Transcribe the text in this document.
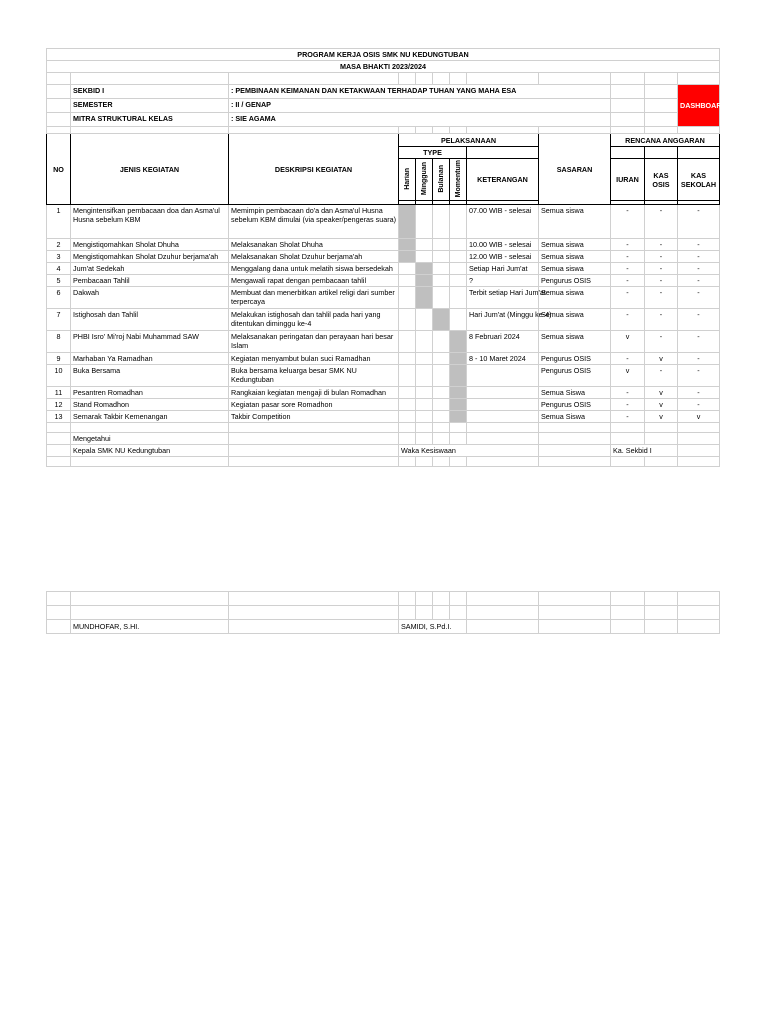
PROGRAM KERJA OSIS SMK NU KEDUNGTUBAN											
MASA BHAKTI 2023/2024											

	SEKBID I	: PEMBINAAN KEIMANAN DAN KETAKWAAN TERHADAP TUHAN YANG MAHA ESA									DASHBOARD
	SEMESTER	: II / GENAP									
	MITRA STRUKTURAL KELAS	: SIE AGAMA									

NO	JENIS KEGIATAN	DESKRIPSI KEGIATAN	PELAKSANAAN					SASARAN	RENCANA ANGGARAN		
			TYPE								
			Harian	Mingguan	Bulanan	Momentum	KETERANGAN		IURAN	KAS OSIS	KAS SEKOLAH

1	Mengintensifkan pembacaan doa dan Asma'ul Husna sebelum KBM	Memimpin pembacaan do'a dan Asma'ul Husna sebelum KBM dimulai (via speaker/pengeras suara)					07.00 WIB - selesai	Semua siswa	-	-	-
2	Mengistiqomahkan Sholat Dhuha	Melaksanakan Sholat Dhuha					10.00 WIB - selesai	Semua siswa	-	-	-
3	Mengistiqomahkan Sholat Dzuhur berjama'ah	Melaksanakan Sholat Dzuhur berjama'ah					12.00 WIB - selesai	Semua siswa	-	-	-
4	Jum'at Sedekah	Menggalang dana untuk melatih siswa bersedekah					Setiap Hari Jum'at	Semua siswa	-	-	-
5	Pembacaan Tahlil	Mengawali rapat dengan pembacaan tahlil					?	Pengurus OSIS	-	-	-
6	Dakwah	Membuat dan menerbitkan artikel religi dari sumber terpercaya					Terbit setiap Hari Jum'at	Semua siswa	-	-	-
7	Istighosah dan Tahlil	Melakukan istighosah dan tahlil pada hari yang ditentukan diminggu ke-4					Hari Jum'at (Minggu ke-4)	Semua siswa	-	-	-
8	PHBI Isro' Mi'roj Nabi Muhammad SAW	Melaksanakan peringatan dan perayaan hari besar Islam					8 Februari 2024	Semua siswa	v	-	-
9	Marhaban Ya Ramadhan	Kegiatan menyambut bulan suci Ramadhan					8 - 10 Maret 2024	Pengurus OSIS	-	v	-
10	Buka Bersama	Buka bersama keluarga besar SMK NU Kedungtuban						Pengurus OSIS	v	-	-
11	Pesantren Romadhan	Rangkaian kegiatan mengaji di bulan Romadhan						Semua Siswa	-	v	-
12	Stand Romadhon	Kegiatan pasar sore Romadhon						Pengurus OSIS	-	v	-
13	Semarak Takbir Kemenangan	Takbir Competition						Semua Siswa	-	v	v

	Mengetahui										
	Kepala SMK NU Kedungtuban		Waka Kesiswaan						Ka. Sekbid I		

	MUNDHOFAR, S.HI.		SAMIDI, S.Pd.I.								
